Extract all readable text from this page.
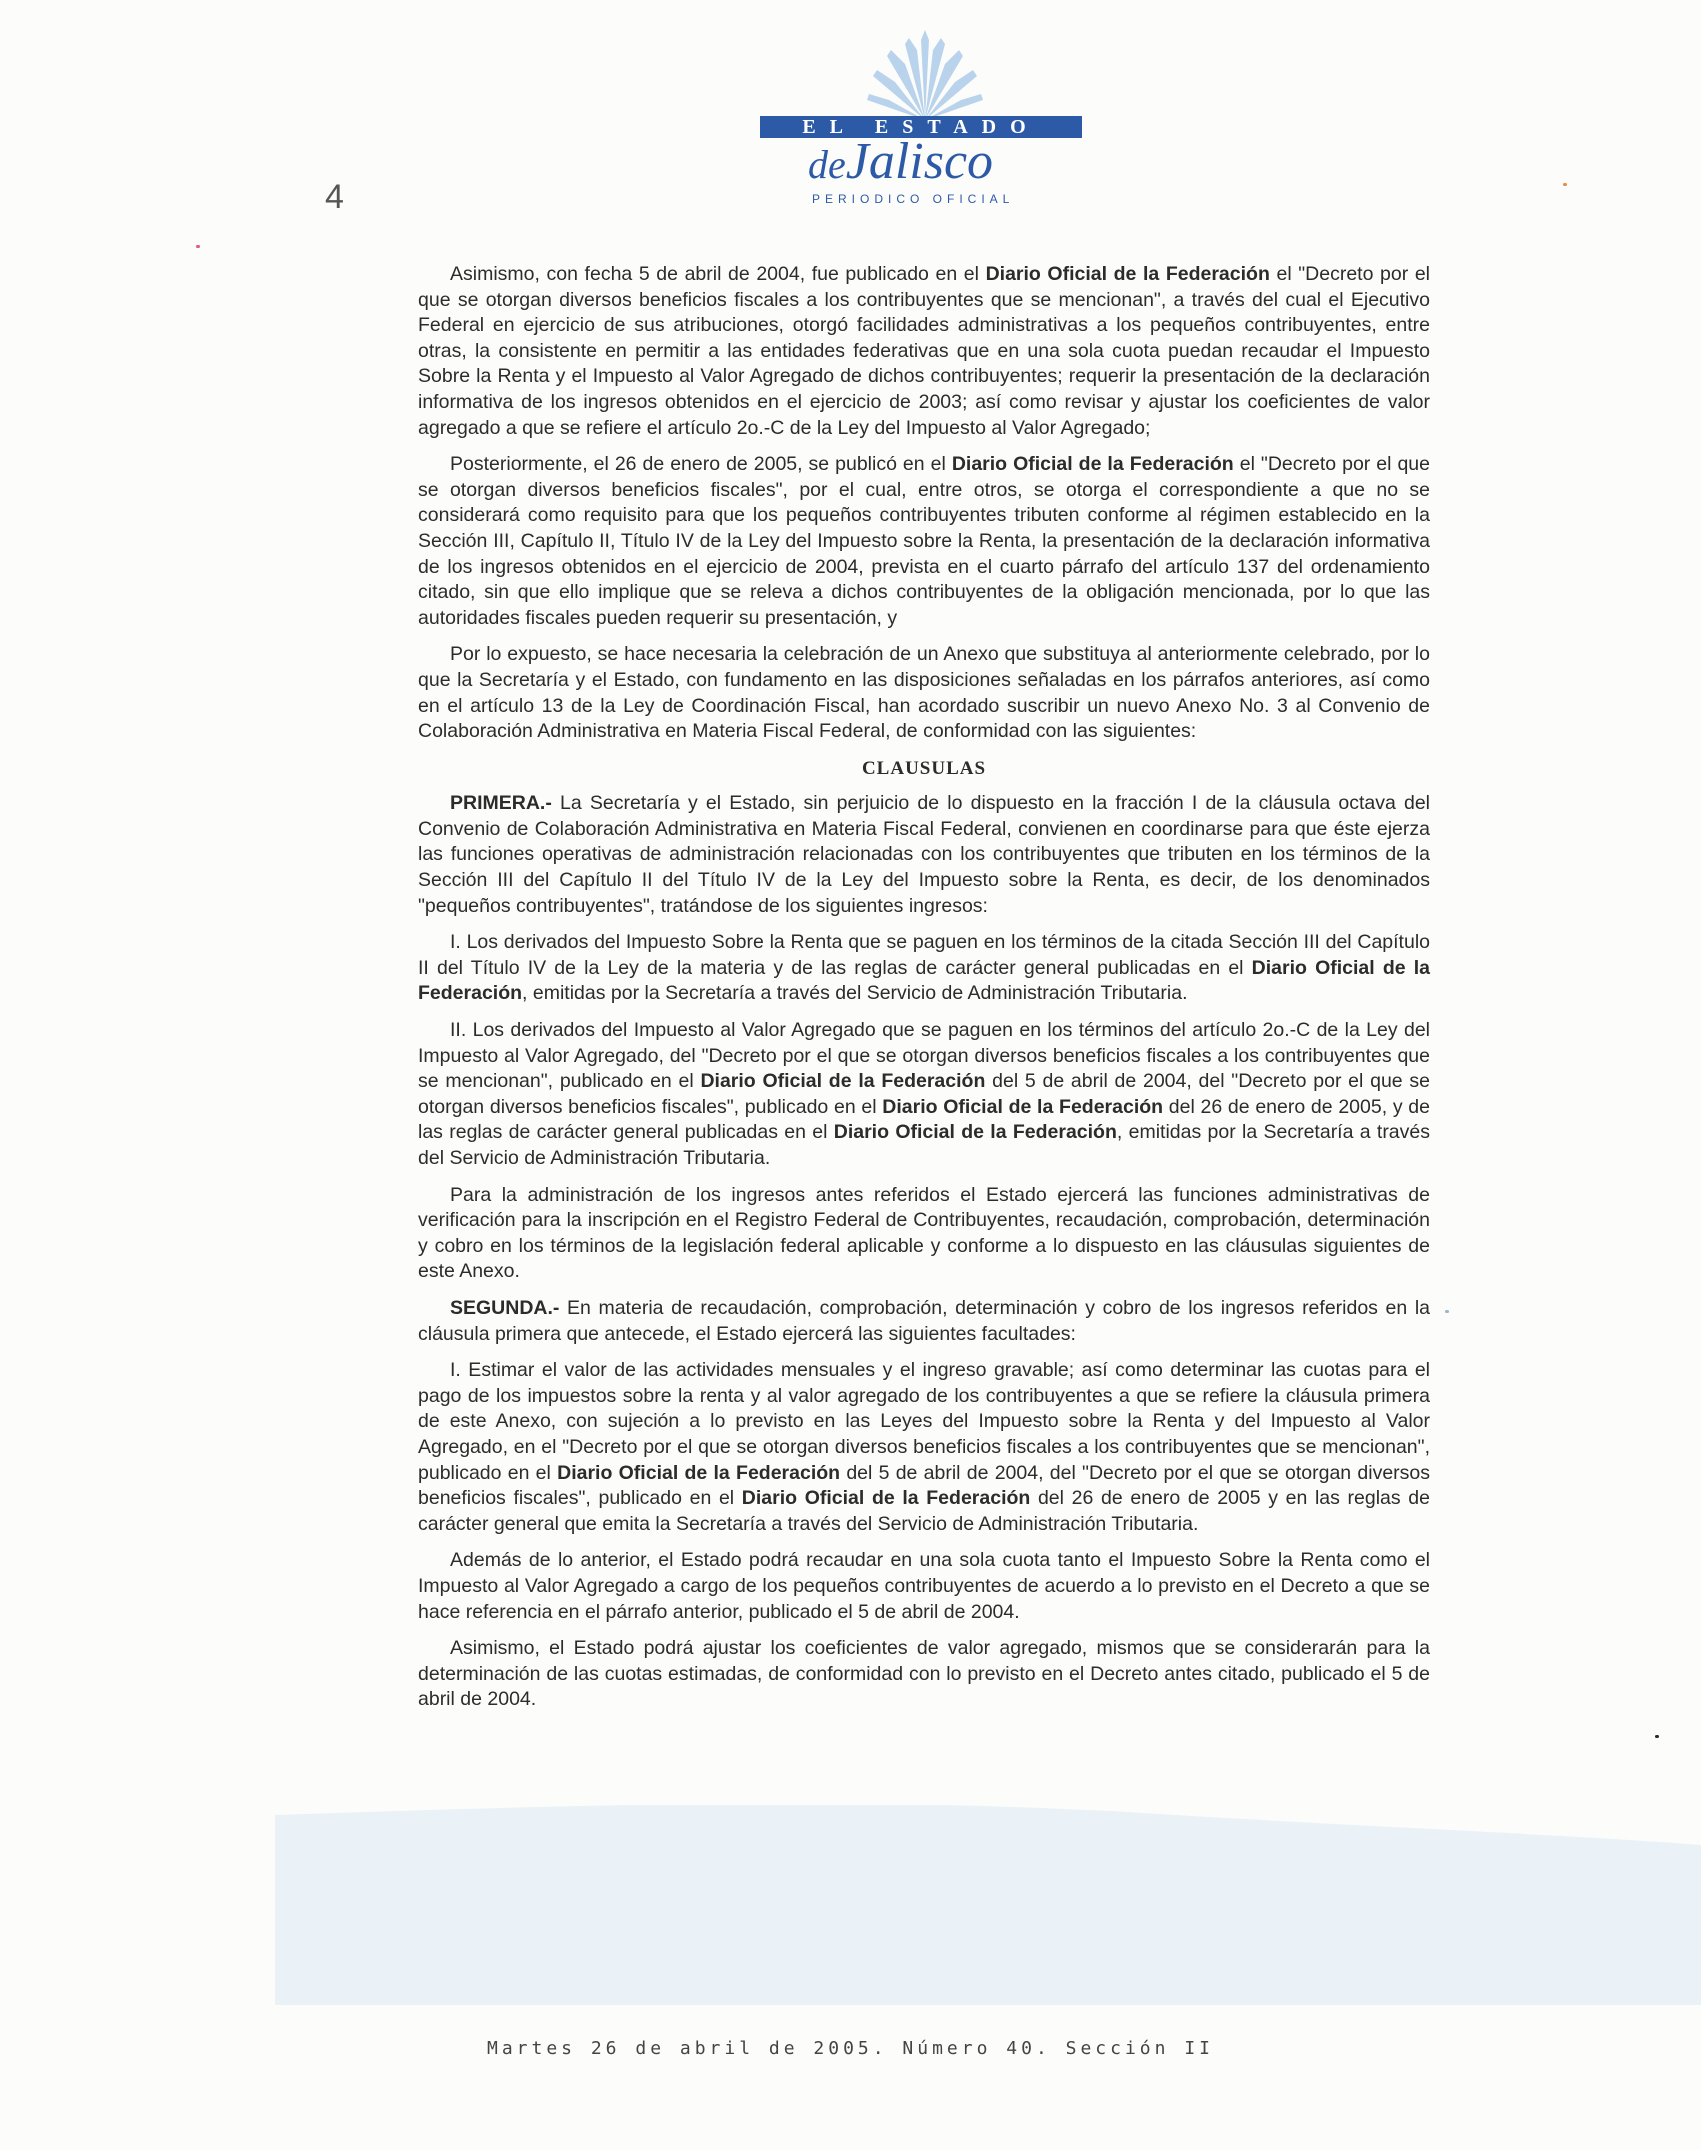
EL ESTADO
deJalisco
PERIODICO OFICIAL
4

Asimismo, con fecha 5 de abril de 2004, fue publicado en el Diario Oficial de la Federación el "Decreto por el que se otorgan diversos beneficios fiscales a los contribuyentes que se mencionan", a través del cual el Ejecutivo Federal en ejercicio de sus atribuciones, otorgó facilidades administrativas a los pequeños contribuyentes, entre otras, la consistente en permitir a las entidades federativas que en una sola cuota puedan recaudar el Impuesto Sobre la Renta y el Impuesto al Valor Agregado de dichos contribuyentes; requerir la presentación de la declaración informativa de los ingresos obtenidos en el ejercicio de 2003; así como revisar y ajustar los coeficientes de valor agregado a que se refiere el artículo 2o.-C de la Ley del Impuesto al Valor Agregado;

Posteriormente, el 26 de enero de 2005, se publicó en el Diario Oficial de la Federación el "Decreto por el que se otorgan diversos beneficios fiscales", por el cual, entre otros, se otorga el correspondiente a que no se considerará como requisito para que los pequeños contribuyentes tributen conforme al régimen establecido en la Sección III, Capítulo II, Título IV de la Ley del Impuesto sobre la Renta, la presentación de la declaración informativa de los ingresos obtenidos en el ejercicio de 2004, prevista en el cuarto párrafo del artículo 137 del ordenamiento citado, sin que ello implique que se releva a dichos contribuyentes de la obligación mencionada, por lo que las autoridades fiscales pueden requerir su presentación, y

Por lo expuesto, se hace necesaria la celebración de un Anexo que substituya al anteriormente celebrado, por lo que la Secretaría y el Estado, con fundamento en las disposiciones señaladas en los párrafos anteriores, así como en el artículo 13 de la Ley de Coordinación Fiscal, han acordado suscribir un nuevo Anexo No. 3 al Convenio de Colaboración Administrativa en Materia Fiscal Federal, de conformidad con las siguientes:

CLAUSULAS

PRIMERA.- La Secretaría y el Estado, sin perjuicio de lo dispuesto en la fracción I de la cláusula octava del Convenio de Colaboración Administrativa en Materia Fiscal Federal, convienen en coordinarse para que éste ejerza las funciones operativas de administración relacionadas con los contribuyentes que tributen en los términos de la Sección III del Capítulo II del Título IV de la Ley del Impuesto sobre la Renta, es decir, de los denominados "pequeños contribuyentes", tratándose de los siguientes ingresos:

I. Los derivados del Impuesto Sobre la Renta que se paguen en los términos de la citada Sección III del Capítulo II del Título IV de la Ley de la materia y de las reglas de carácter general publicadas en el Diario Oficial de la Federación, emitidas por la Secretaría a través del Servicio de Administración Tributaria.

II. Los derivados del Impuesto al Valor Agregado que se paguen en los términos del artículo 2o.-C de la Ley del Impuesto al Valor Agregado, del "Decreto por el que se otorgan diversos beneficios fiscales a los contribuyentes que se mencionan", publicado en el Diario Oficial de la Federación del 5 de abril de 2004, del "Decreto por el que se otorgan diversos beneficios fiscales", publicado en el Diario Oficial de la Federación del 26 de enero de 2005, y de las reglas de carácter general publicadas en el Diario Oficial de la Federación, emitidas por la Secretaría a través del Servicio de Administración Tributaria.

Para la administración de los ingresos antes referidos el Estado ejercerá las funciones administrativas de verificación para la inscripción en el Registro Federal de Contribuyentes, recaudación, comprobación, determinación y cobro en los términos de la legislación federal aplicable y conforme a lo dispuesto en las cláusulas siguientes de este Anexo.

SEGUNDA.- En materia de recaudación, comprobación, determinación y cobro de los ingresos referidos en la cláusula primera que antecede, el Estado ejercerá las siguientes facultades:

I. Estimar el valor de las actividades mensuales y el ingreso gravable; así como determinar las cuotas para el pago de los impuestos sobre la renta y al valor agregado de los contribuyentes a que se refiere la cláusula primera de este Anexo, con sujeción a lo previsto en las Leyes del Impuesto sobre la Renta y del Impuesto al Valor Agregado, en el "Decreto por el que se otorgan diversos beneficios fiscales a los contribuyentes que se mencionan", publicado en el Diario Oficial de la Federación del 5 de abril de 2004, del "Decreto por el que se otorgan diversos beneficios fiscales", publicado en el Diario Oficial de la Federación del 26 de enero de 2005 y en las reglas de carácter general que emita la Secretaría a través del Servicio de Administración Tributaria.

Además de lo anterior, el Estado podrá recaudar en una sola cuota tanto el Impuesto Sobre la Renta como el Impuesto al Valor Agregado a cargo de los pequeños contribuyentes de acuerdo a lo previsto en el Decreto a que se hace referencia en el párrafo anterior, publicado el 5 de abril de 2004.

Asimismo, el Estado podrá ajustar los coeficientes de valor agregado, mismos que se considerarán para la determinación de las cuotas estimadas, de conformidad con lo previsto en el Decreto antes citado, publicado el 5 de abril de 2004.

Martes 26 de abril de 2005. Número 40. Sección II
